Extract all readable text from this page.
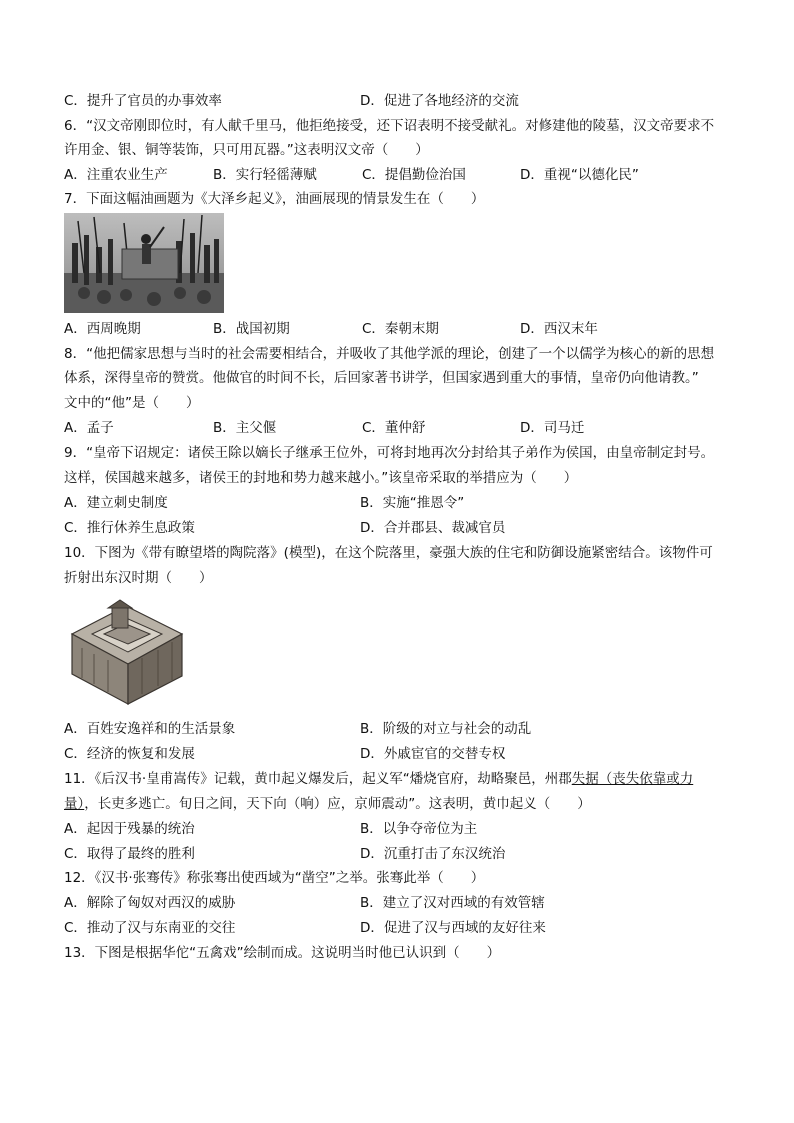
C．提升了官员的办事效率	D．促进了各地经济的交流
6．“汉文帝刚即位时，有人献千里马，他拒绝接受，还下诏表明不接受献礼。对修建他的陵墓，汉文帝要求不
许用金、银、铜等装饰，只可用瓦器。”这表明汉文帝（　　）
A．注重农业生产	B．实行轻徭薄赋	C．提倡勤俭治国	D．重视“以德化民”
7．下面这幅油画题为《大泽乡起义》，油画展现的情景发生在（　　）
A．西周晚期	B．战国初期	C．秦朝末期	D．西汉末年
8．“他把儒家思想与当时的社会需要相结合，并吸收了其他学派的理论，创建了一个以儒学为核心的新的思想
体系，深得皇帝的赞赏。他做官的时间不长，后回家著书讲学，但国家遇到重大的事情，皇帝仍向他请教。”
文中的“他”是（　　）
A．孟子	B．主父偃	C．董仲舒	D．司马迁
9．“皇帝下诏规定：诸侯王除以嫡长子继承王位外，可将封地再次分封给其子弟作为侯国，由皇帝制定封号。
这样，侯国越来越多，诸侯王的封地和势力越来越小。”该皇帝采取的举措应为（　　）
A．建立刺史制度	B．实施“推恩令”
C．推行休养生息政策	D．合并郡县、裁减官员
10．下图为《带有瞭望塔的陶院落》(模型)，在这个院落里，豪强大族的住宅和防御设施紧密结合。该物件可
折射出东汉时期（　　）
A．百姓安逸祥和的生活景象	B．阶级的对立与社会的动乱
C．经济的恢复和发展	D．外戚宦官的交替专权
11．《后汉书·皇甫嵩传》记载，黄巾起义爆发后，起义军“燔烧官府，劫略聚邑，州郡失据（丧失依靠或力
量），长吏多逃亡。旬日之间，天下向（响）应，京师震动”。这表明，黄巾起义（　　）
A．起因于残暴的统治	B．以争夺帝位为主
C．取得了最终的胜利	D．沉重打击了东汉统治
12．《汉书·张骞传》称张骞出使西域为“凿空”之举。张骞此举（　　）
A．解除了匈奴对西汉的威胁	B．建立了汉对西域的有效管辖
C．推动了汉与东南亚的交往	D．促进了汉与西域的友好往来
13．下图是根据华佗“五禽戏”绘制而成。这说明当时他已认识到（　　）
